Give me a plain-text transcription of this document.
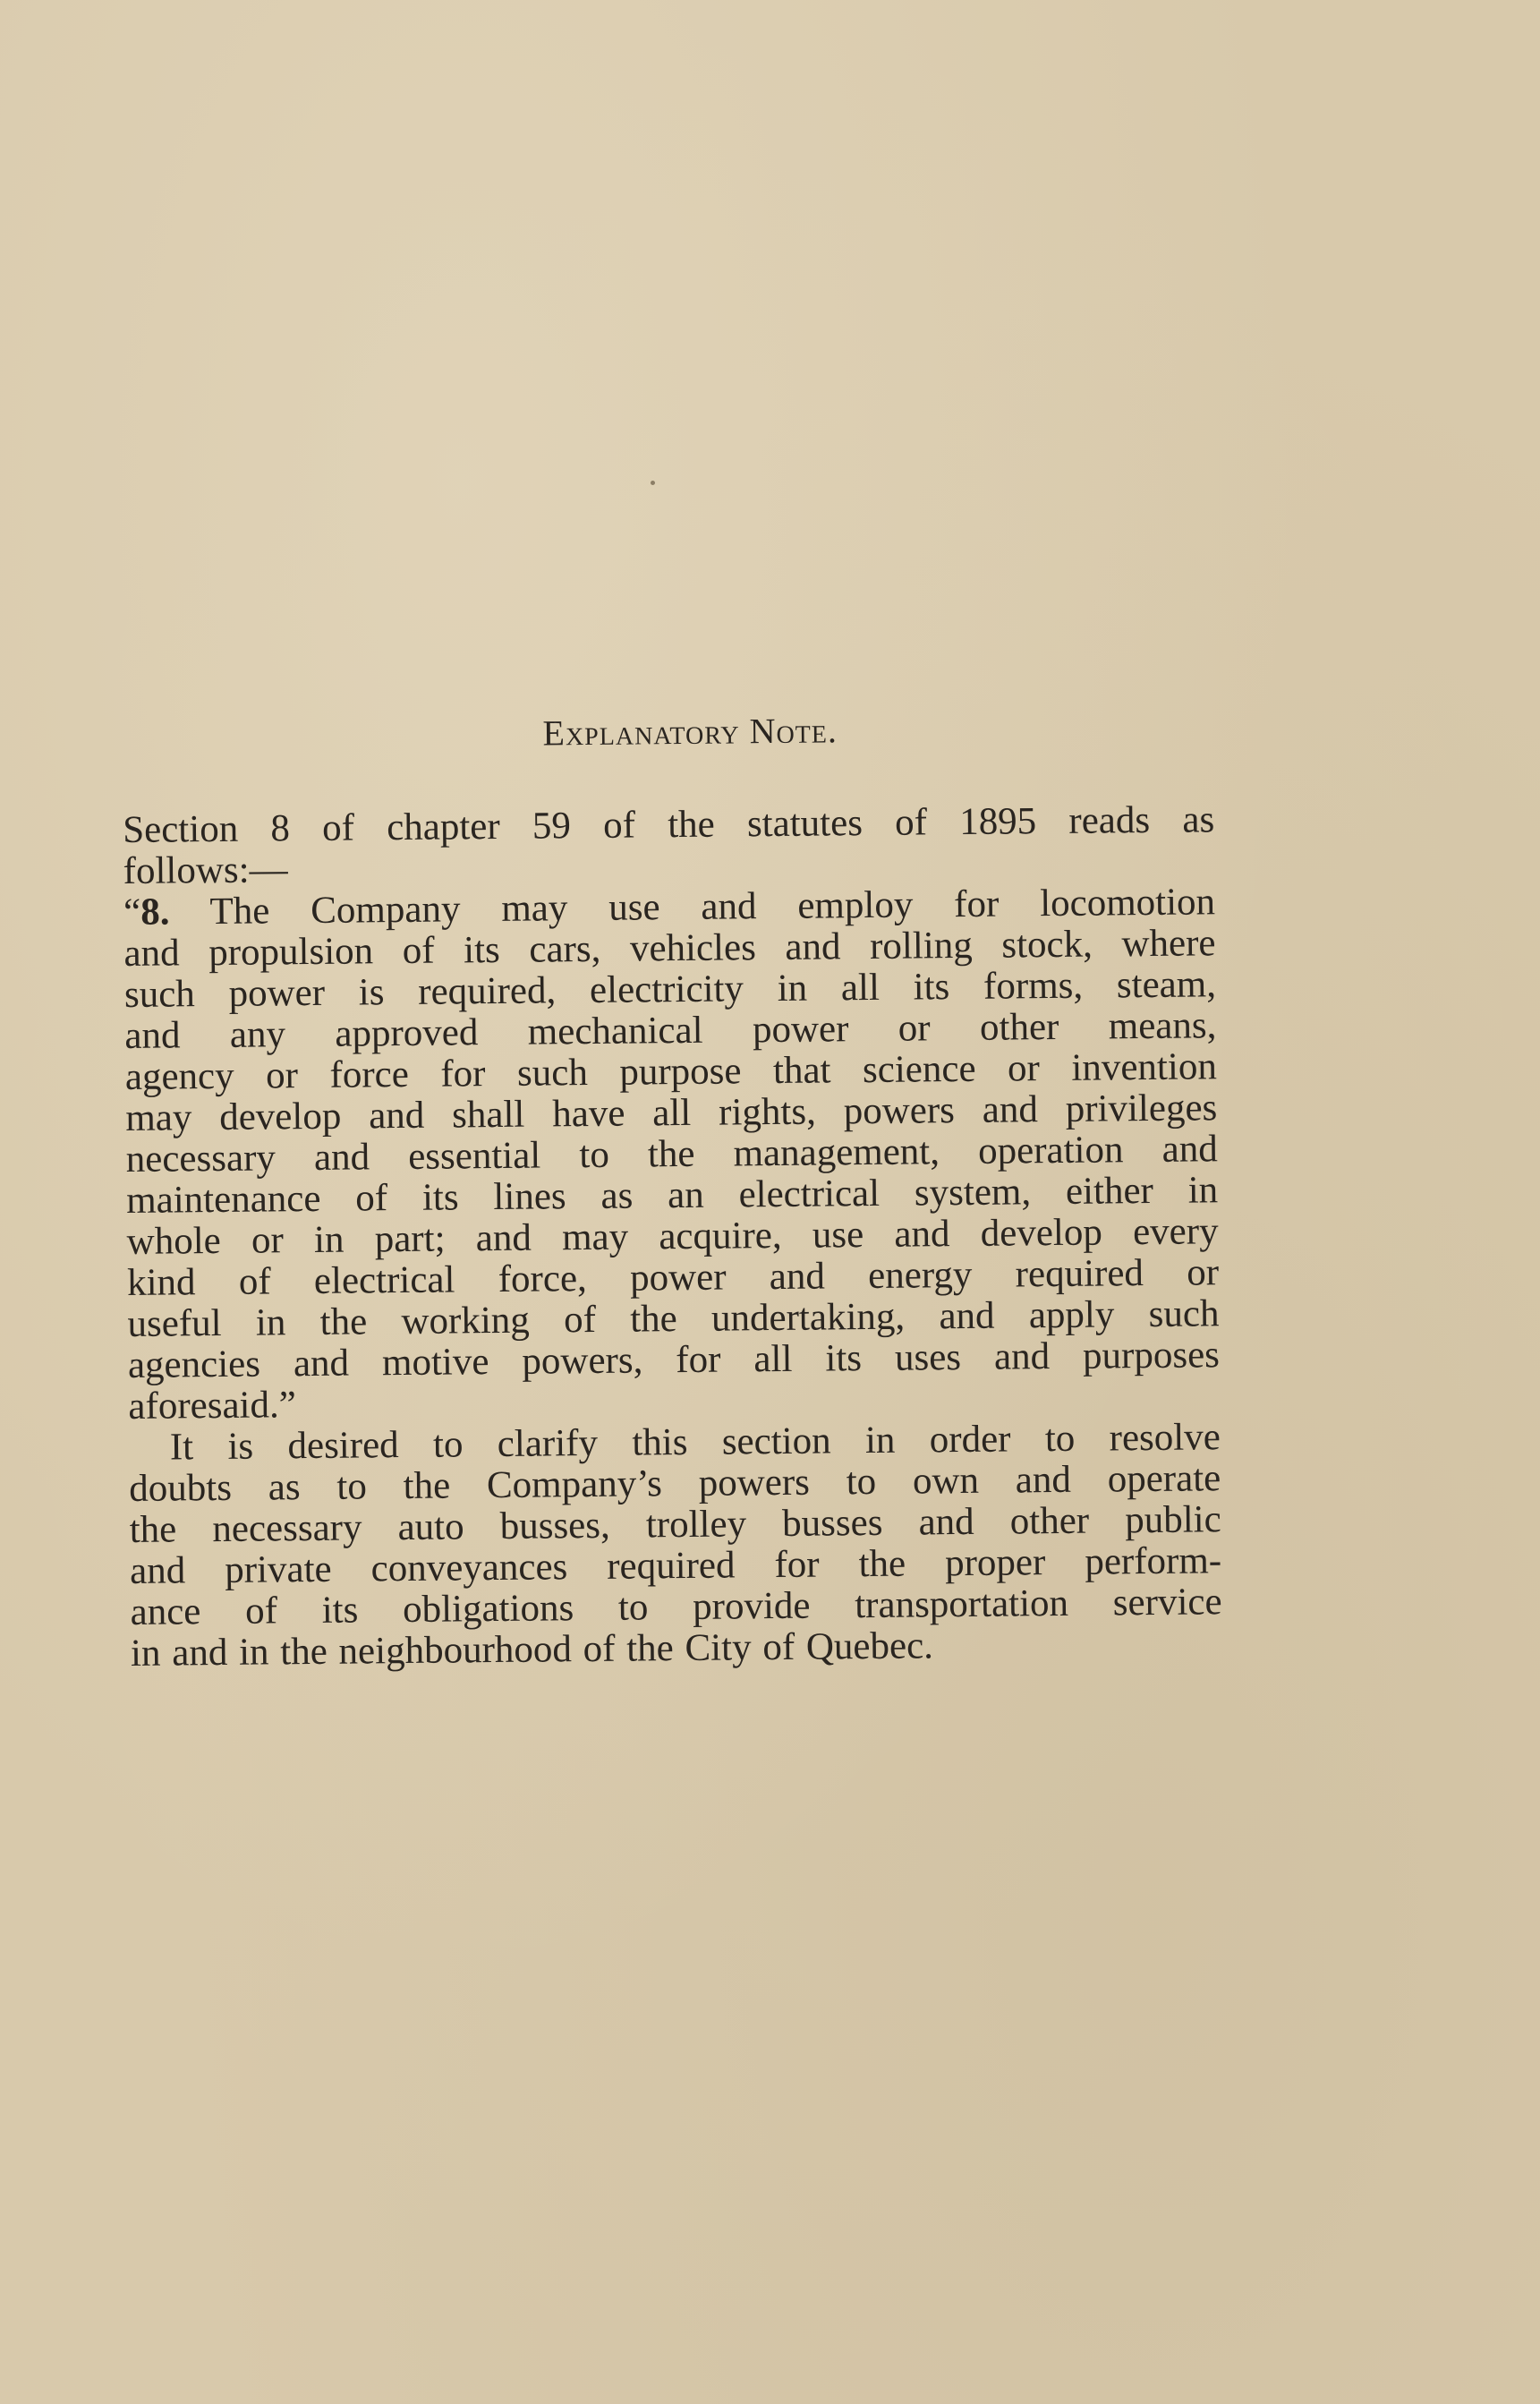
Explanatory Note.

Section 8 of chapter 59 of the statutes of 1895 reads as
follows:—

“8. The Company may use and employ for locomotion
and propulsion of its cars, vehicles and rolling stock, where
such power is required, electricity in all its forms, steam,
and any approved mechanical power or other means,
agency or force for such purpose that science or invention
may develop and shall have all rights, powers and privileges
necessary and essential to the management, operation and
maintenance of its lines as an electrical system, either in
whole or in part; and may acquire, use and develop every
kind of electrical force, power and energy required or
useful in the working of the undertaking, and apply such
agencies and motive powers, for all its uses and purposes
aforesaid.”

It is desired to clarify this section in order to resolve
doubts as to the Company’s powers to own and operate
the necessary auto busses, trolley busses and other public
and private conveyances required for the proper perform-
ance of its obligations to provide transportation service
in and in the neighbourhood of the City of Quebec.
